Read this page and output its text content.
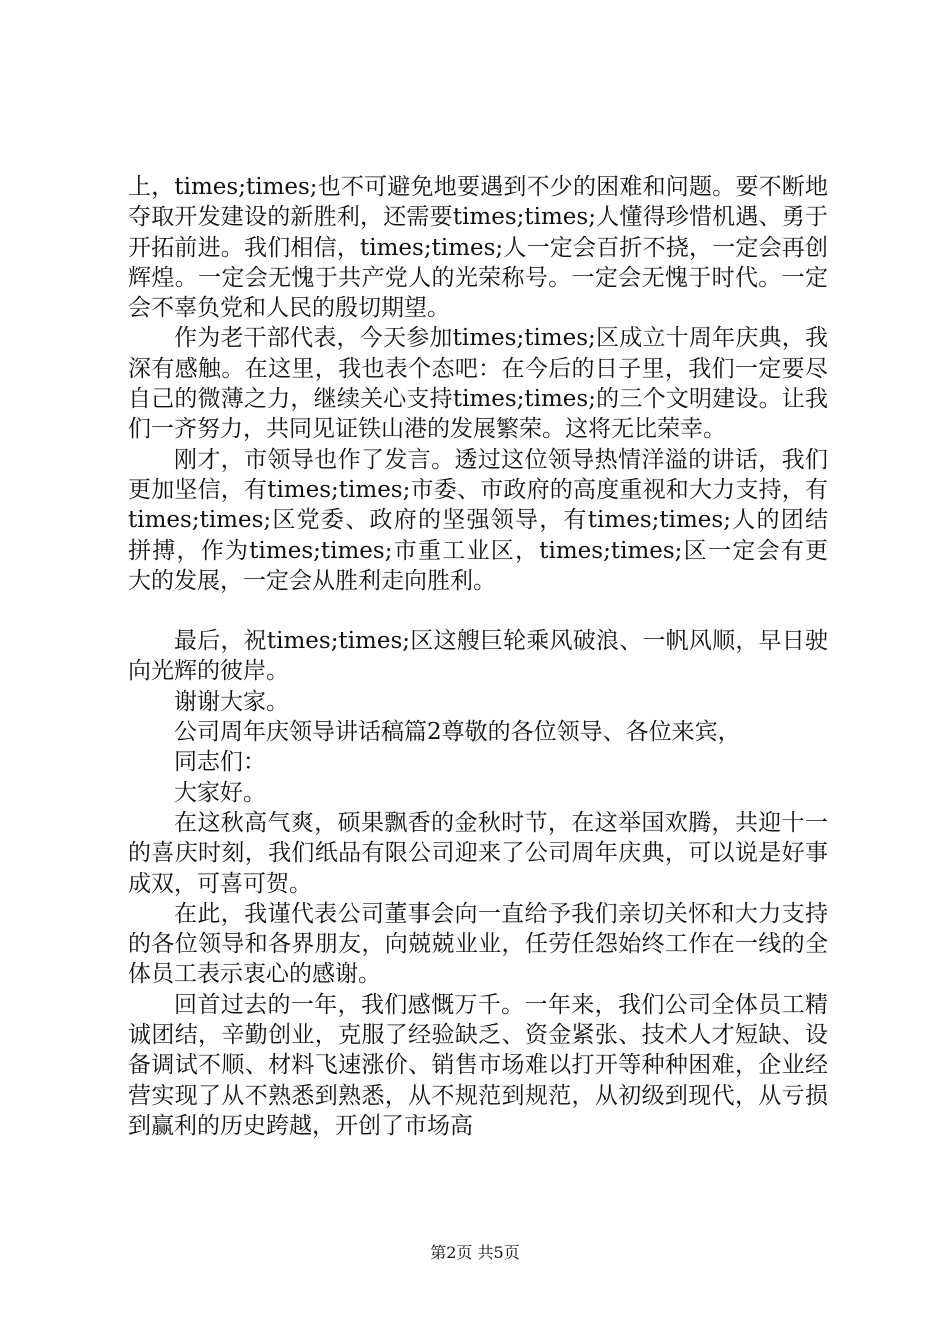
上，times;times;也不可避免地要遇到不少的困难和问题。要不断地夺取开发建设的新胜利，还需要times;times;人懂得珍惜机遇、勇于开拓前进。我们相信，times;times;人一定会百折不挠，一定会再创辉煌。一定会无愧于共产党人的光荣称号。一定会无愧于时代。一定会不辜负党和人民的殷切期望。

作为老干部代表，今天参加times;times;区成立十周年庆典，我深有感触。在这里，我也表个态吧：在今后的日子里，我们一定要尽自己的微薄之力，继续关心支持times;times;的三个文明建设。让我们一齐努力，共同见证铁山港的发展繁荣。这将无比荣幸。

刚才，市领导也作了发言。透过这位领导热情洋溢的讲话，我们更加坚信，有times;times;市委、市政府的高度重视和大力支持，有times;times;区党委、政府的坚强领导，有times;times;人的团结拼搏，作为times;times;市重工业区，times;times;区一定会有更大的发展，一定会从胜利走向胜利。

最后，祝times;times;区这艘巨轮乘风破浪、一帆风顺，早日驶向光辉的彼岸。

谢谢大家。

公司周年庆领导讲话稿篇2尊敬的各位领导、各位来宾，

同志们：

大家好。

在这秋高气爽，硕果飘香的金秋时节，在这举国欢腾，共迎十一的喜庆时刻，我们纸品有限公司迎来了公司周年庆典，可以说是好事成双，可喜可贺。

在此，我谨代表公司董事会向一直给予我们亲切关怀和大力支持的各位领导和各界朋友，向兢兢业业，任劳任怨始终工作在一线的全体员工表示衷心的感谢。

回首过去的一年，我们感慨万千。一年来，我们公司全体员工精诚团结，辛勤创业，克服了经验缺乏、资金紧张、技术人才短缺、设备调试不顺、材料飞速涨价、销售市场难以打开等种种困难，企业经营实现了从不熟悉到熟悉，从不规范到规范，从初级到现代，从亏损到赢利的历史跨越，开创了市场高

第2页 共5页
